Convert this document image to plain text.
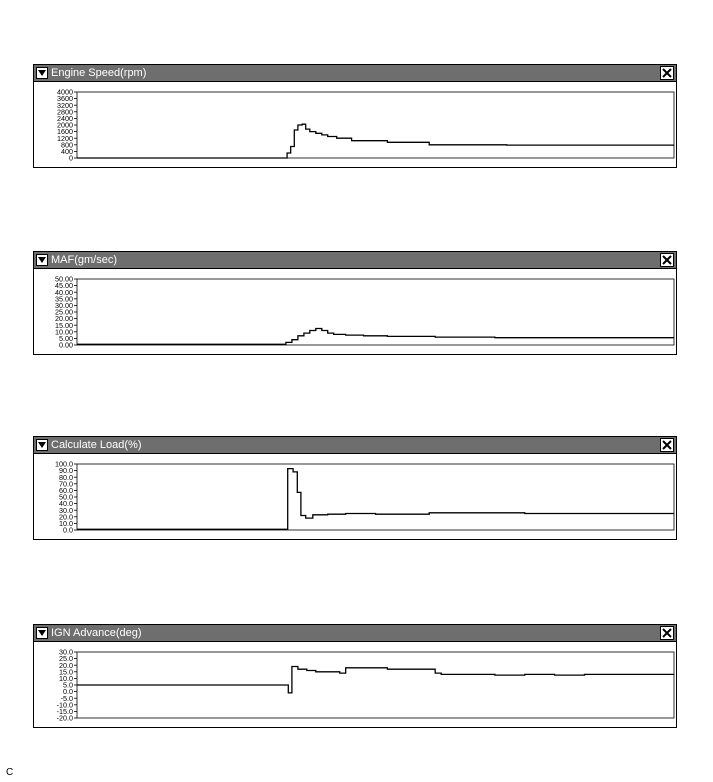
Engine Speed(rpm)
4000
3600
3200
2800
2400
2000
1600
1200
800
400
0
MAF(gm/sec)
50.00
45.00
40.00
35.00
30.00
25.00
20.00
15.00
10.00
5.00
0.00
Calculate Load(%)
100.0
90.0
80.0
70.0
60.0
50.0
40.0
30.0
20.0
10.0
0.0
IGN Advance(deg)
30.0
25.0
20.0
15.0
10.0
5.0
0.0
-5.0
-10.0
-15.0
-20.0
C
